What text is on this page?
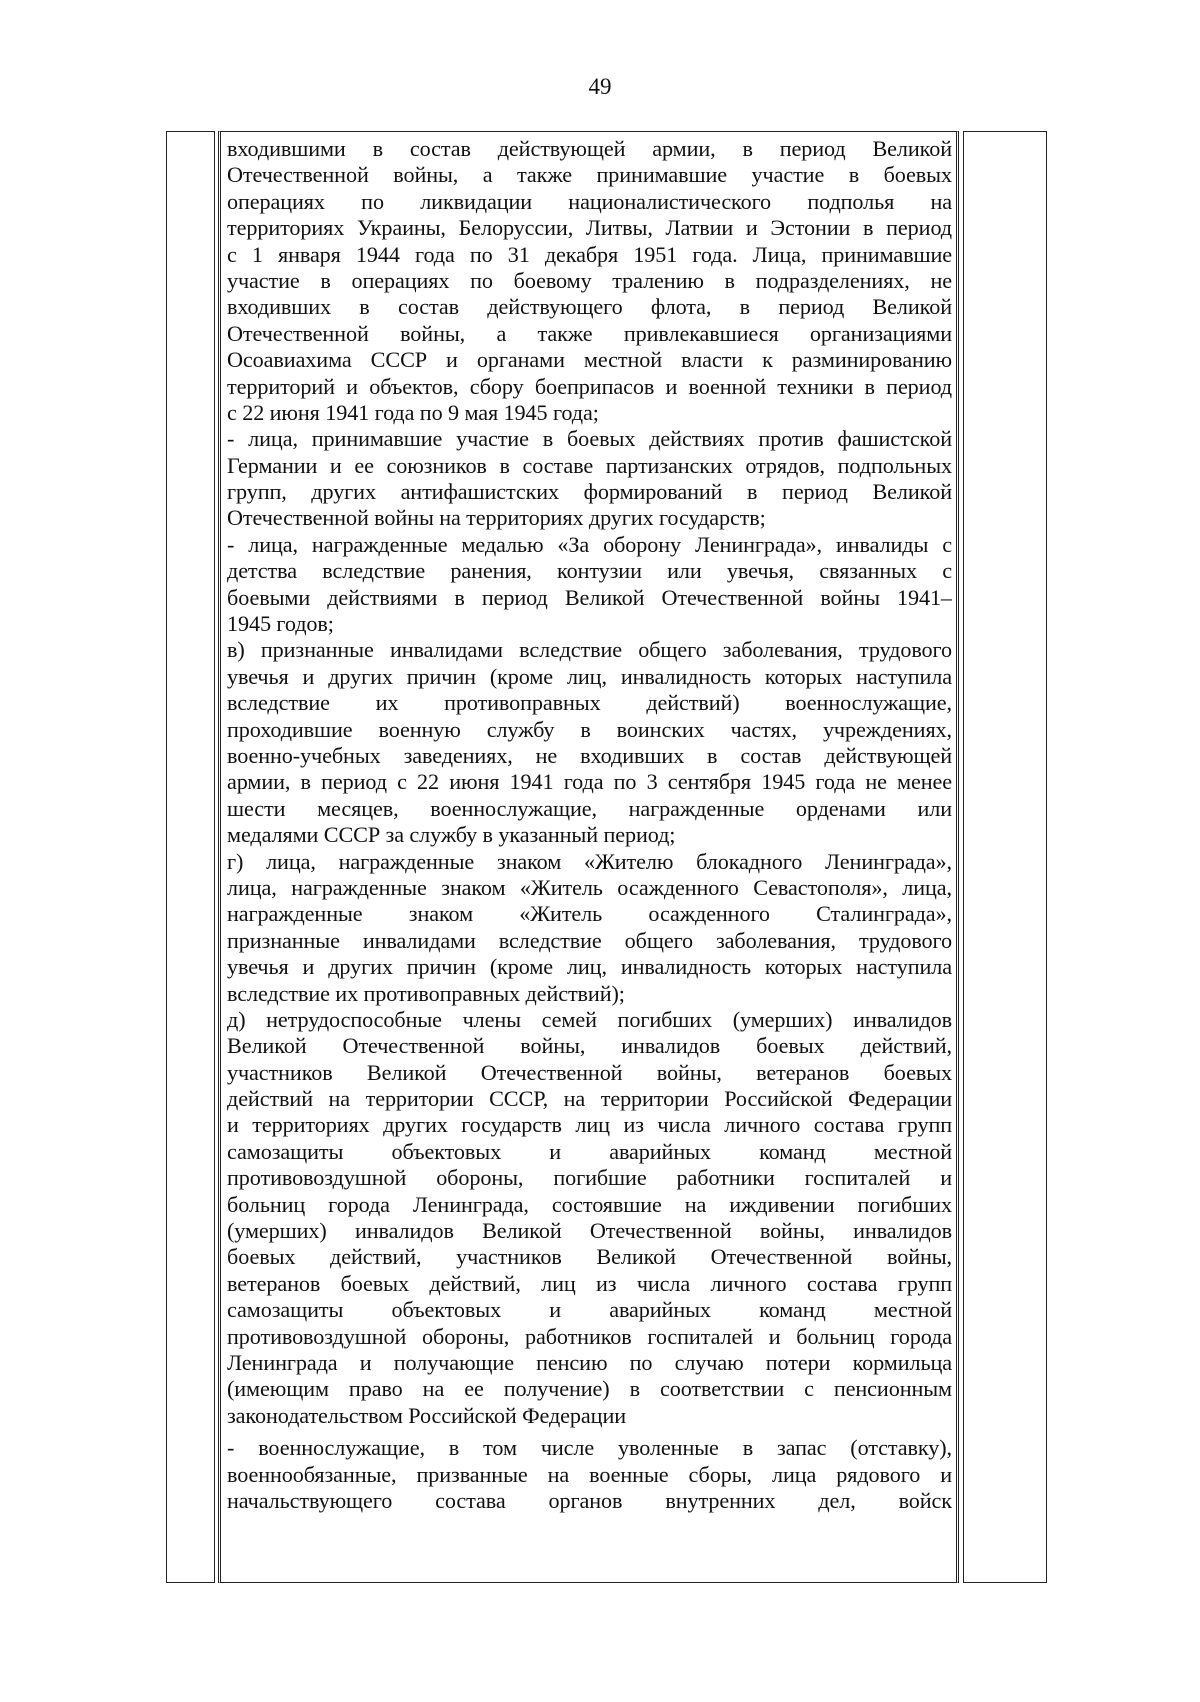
49
входившими в состав действующей армии, в период Великой
Отечественной войны, а также принимавшие участие в боевых
операциях по ликвидации националистического подполья на
территориях Украины, Белоруссии, Литвы, Латвии и Эстонии в период
с 1 января 1944 года по 31 декабря 1951 года. Лица, принимавшие
участие в операциях по боевому тралению в подразделениях, не
входивших в состав действующего флота, в период Великой
Отечественной войны, а также привлекавшиеся организациями
Осоавиахима СССР и органами местной власти к разминированию
территорий и объектов, сбору боеприпасов и военной техники в период
с 22 июня 1941 года по 9 мая 1945 года;
- лица, принимавшие участие в боевых действиях против фашистской
Германии и ее союзников в составе партизанских отрядов, подпольных
групп, других антифашистских формирований в период Великой
Отечественной войны на территориях других государств;
- лица, награжденные медалью «За оборону Ленинграда», инвалиды с
детства вследствие ранения, контузии или увечья, связанных с
боевыми действиями в период Великой Отечественной войны 1941–
1945 годов;
в) признанные инвалидами вследствие общего заболевания, трудового
увечья и других причин (кроме лиц, инвалидность которых наступила
вследствие их противоправных действий) военнослужащие,
проходившие военную службу в воинских частях, учреждениях,
военно-учебных заведениях, не входивших в состав действующей
армии, в период с 22 июня 1941 года по 3 сентября 1945 года не менее
шести месяцев, военнослужащие, награжденные орденами или
медалями СССР за службу в указанный период;
г) лица, награжденные знаком «Жителю блокадного Ленинграда»,
лица, награжденные знаком «Житель осажденного Севастополя», лица,
награжденные знаком «Житель осажденного Сталинграда»,
признанные инвалидами вследствие общего заболевания, трудового
увечья и других причин (кроме лиц, инвалидность которых наступила
вследствие их противоправных действий);
д) нетрудоспособные члены семей погибших (умерших) инвалидов
Великой Отечественной войны, инвалидов боевых действий,
участников Великой Отечественной войны, ветеранов боевых
действий на территории СССР, на территории Российской Федерации
и территориях других государств лиц из числа личного состава групп
самозащиты объектовых и аварийных команд местной
противовоздушной обороны, погибшие работники госпиталей и
больниц города Ленинграда, состоявшие на иждивении погибших
(умерших) инвалидов Великой Отечественной войны, инвалидов
боевых действий, участников Великой Отечественной войны,
ветеранов боевых действий, лиц из числа личного состава групп
самозащиты объектовых и аварийных команд местной
противовоздушной обороны, работников госпиталей и больниц города
Ленинграда и получающие пенсию по случаю потери кормильца
(имеющим право на ее получение) в соответствии с пенсионным
законодательством Российской Федерации
- военнослужащие, в том числе уволенные в запас (отставку),
военнообязанные, призванные на военные сборы, лица рядового и
начальствующего состава органов внутренних дел, войск
